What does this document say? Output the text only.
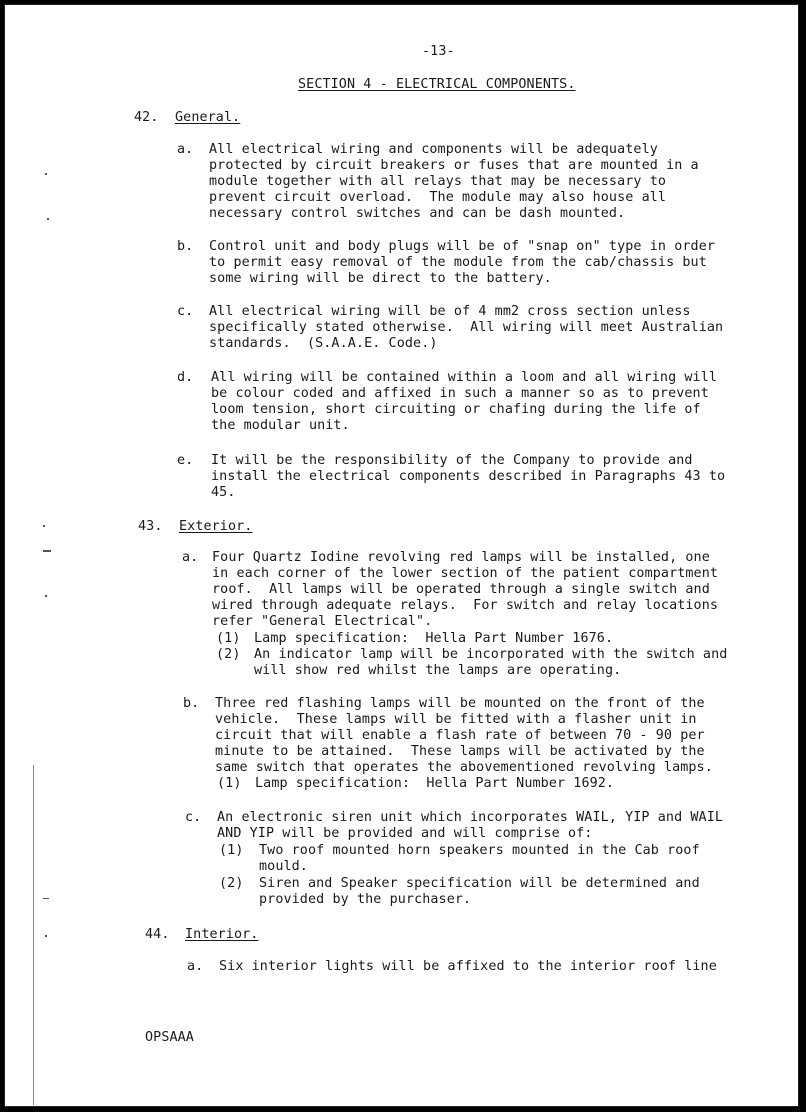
-13-
SECTION 4 - ELECTRICAL COMPONENTS.
42. General.
a. All electrical wiring and components will be adequately
protected by circuit breakers or fuses that are mounted in a
module together with all relays that may be necessary to
prevent circuit overload.  The module may also house all
necessary control switches and can be dash mounted.
b. Control unit and body plugs will be of "snap on" type in order
to permit easy removal of the module from the cab/chassis but
some wiring will be direct to the battery.
c. All electrical wiring will be of 4 mm2 cross section unless
specifically stated otherwise.  All wiring will meet Australian
standards.  (S.A.A.E. Code.)
d. All wiring will be contained within a loom and all wiring will
be colour coded and affixed in such a manner so as to prevent
loom tension, short circuiting or chafing during the life of
the modular unit.
e. It will be the responsibility of the Company to provide and
install the electrical components described in Paragraphs 43 to
45.
43. Exterior.
a. Four Quartz Iodine revolving red lamps will be installed, one
in each corner of the lower section of the patient compartment
roof.  All lamps will be operated through a single switch and
wired through adequate relays.  For switch and relay locations
refer "General Electrical".
(1) Lamp specification:  Hella Part Number 1676.
(2) An indicator lamp will be incorporated with the switch and
will show red whilst the lamps are operating.
b. Three red flashing lamps will be mounted on the front of the
vehicle.  These lamps will be fitted with a flasher unit in
circuit that will enable a flash rate of between 70 - 90 per
minute to be attained.  These lamps will be activated by the
same switch that operates the abovementioned revolving lamps.
(1) Lamp specification:  Hella Part Number 1692.
c. An electronic siren unit which incorporates WAIL, YIP and WAIL
AND YIP will be provided and will comprise of:
(1) Two roof mounted horn speakers mounted in the Cab roof
mould.
(2) Siren and Speaker specification will be determined and
provided by the purchaser.
44. Interior.
a. Six interior lights will be affixed to the interior roof line
OPSAAA
